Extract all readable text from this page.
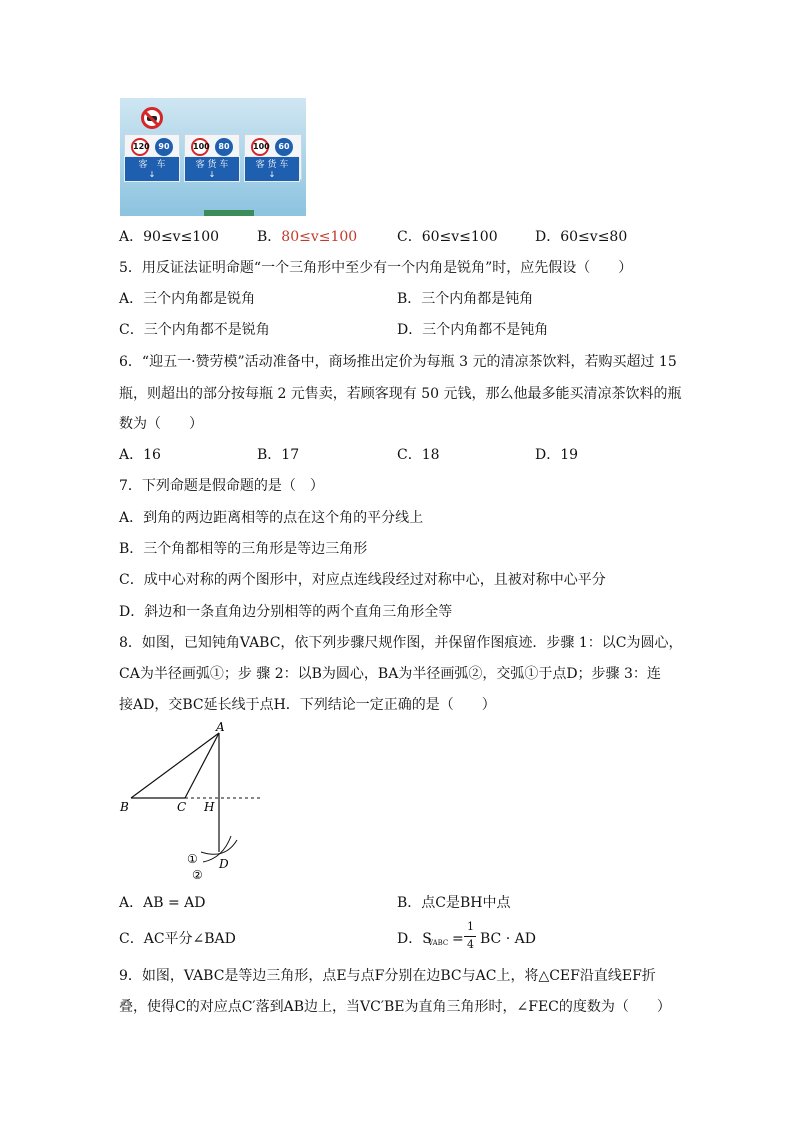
120	90	100	80	100	60
客　车
↓
客 货 车
↓
客 货 车
↓
A．90≤v≤100	B．80≤v≤100	C．60≤v≤100	D．60≤v≤80
5．用反证法证明命题“一个三角形中至少有一个内角是锐角”时，应先假设（　　）
A．三个内角都是锐角	B．三个内角都是钝角
C．三个内角都不是锐角	D．三个内角都不是钝角
6．“迎五一·赞劳模”活动准备中，商场推出定价为每瓶 3 元的清凉茶饮料，若购买超过 15
瓶，则超出的部分按每瓶 2 元售卖，若顾客现有 50 元钱，那么他最多能买清凉茶饮料的瓶
数为（　　）
A．16	B．17	C．18	D．19
7．下列命题是假命题的是（　）
A．到角的两边距离相等的点在这个角的平分线上
B．三个角都相等的三角形是等边三角形
C．成中心对称的两个图形中，对应点连线段经过对称中心，且被对称中心平分
D．斜边和一条直角边分别相等的两个直角三角形全等
8．如图，已知钝角VABC，依下列步骤尺规作图，并保留作图痕迹．步骤 1：以C为圆心，
CA为半径画弧①；步 骤 2：以B为圆心，BA为半径画弧②，交弧①于点D；步骤 3：连
接AD，交BC延长线于点H．下列结论一定正确的是（　　）
A
B	C H
D
①
②
A．AB = AD	B．点C是BH中点
C．AC平分∠BAD	D．S
VABC =
1
4 BC · AD
9．如图，VABC是等边三角形，点E与点F分别在边BC与AC上，将△CEF沿直线EF折
叠，使得C的对应点C′落到AB边上，当VC′BE为直角三角形时，∠FEC的度数为（　　）
